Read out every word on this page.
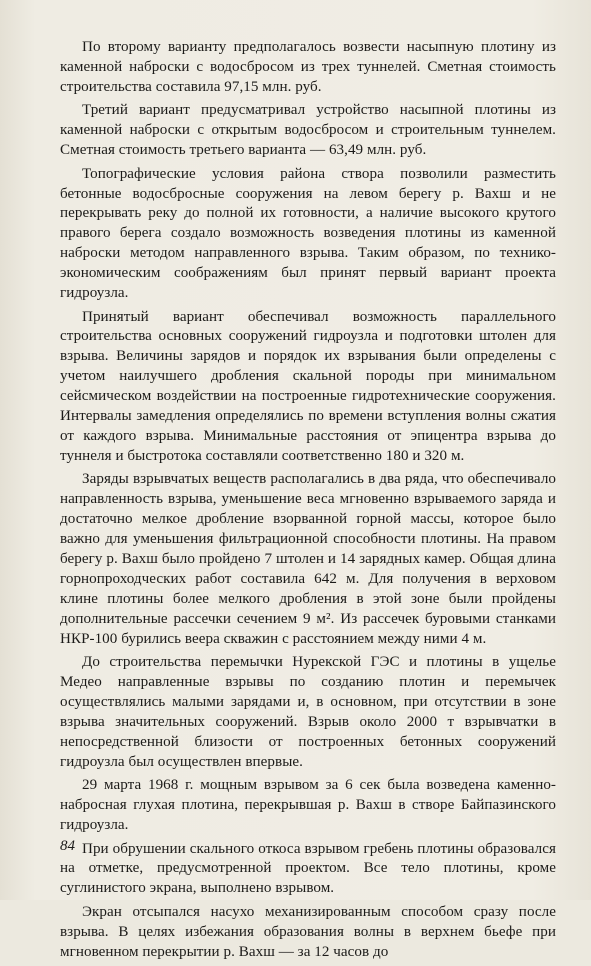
По второму варианту предполагалось возвести насыпную плотину из каменной наброски с водосбросом из трех туннелей. Сметная стоимость строительства составила 97,15 млн. руб.

Третий вариант предусматривал устройство насыпной плотины из каменной наброски с открытым водосбросом и строительным туннелем. Сметная стоимость третьего варианта — 63,49 млн. руб.

Топографические условия района створа позволили разместить бетонные водосбросные сооружения на левом берегу р. Вахш и не перекрывать реку до полной их готовности, а наличие высокого крутого правого берега создало возможность возведения плотины из каменной наброски методом направленного взрыва. Таким образом, по технико-экономическим соображениям был принят первый вариант проекта гидроузла.

Принятый вариант обеспечивал возможность параллельного строительства основных сооружений гидроузла и подготовки штолен для взрыва. Величины зарядов и порядок их взрывания были определены с учетом наилучшего дробления скальной породы при минимальном сейсмическом воздействии на построенные гидротехнические сооружения. Интервалы замедления определялись по времени вступления волны сжатия от каждого взрыва. Минимальные расстояния от эпицентра взрыва до туннеля и быстротока составляли соответственно 180 и 320 м.

Заряды взрывчатых веществ располагались в два ряда, что обеспечивало направленность взрыва, уменьшение веса мгновенно взрываемого заряда и достаточно мелкое дробление взорванной горной массы, которое было важно для уменьшения фильтрационной способности плотины. На правом берегу р. Вахш было пройдено 7 штолен и 14 зарядных камер. Общая длина горнопроходческих работ составила 642 м. Для получения в верховом клине плотины более мелкого дробления в этой зоне были пройдены дополнительные рассечки сечением 9 м². Из рассечек буровыми станками НКР-100 бурились веера скважин с расстоянием между ними 4 м.

До строительства перемычки Нурекской ГЭС и плотины в ущелье Медео направленные взрывы по созданию плотин и перемычек осуществлялись малыми зарядами и, в основном, при отсутствии в зоне взрыва значительных сооружений. Взрыв около 2000 т взрывчатки в непосредственной близости от построенных бетонных сооружений гидроузла был осуществлен впервые.

29 марта 1968 г. мощным взрывом за 6 сек была возведена каменно-набросная глухая плотина, перекрывшая р. Вахш в створе Байпазинского гидроузла.

При обрушении скального откоса взрывом гребень плотины образовался на отметке, предусмотренной проектом. Все тело плотины, кроме суглинистого экрана, выполнено взрывом.

Экран отсыпался насухо механизированным способом сразу после взрыва. В целях избежания образования волны в верхнем бьефе при мгновенном перекрытии р. Вахш — за 12 часов до

84
